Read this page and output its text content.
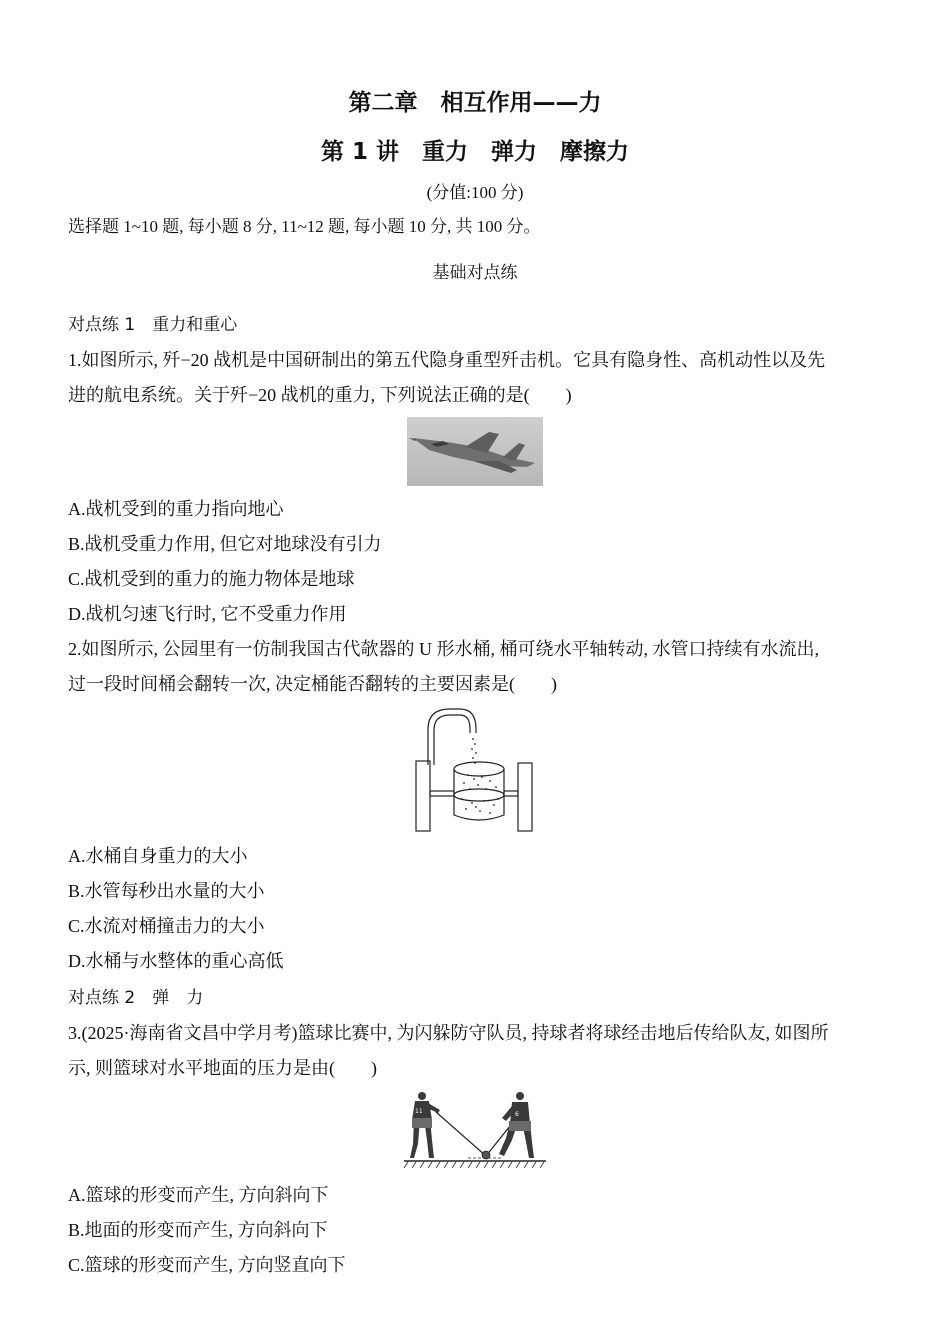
第二章　相互作用——力
第 1 讲　重力　弹力　摩擦力
(分值:100 分)
选择题 1~10 题, 每小题 8 分, 11~12 题, 每小题 10 分, 共 100 分。
基础对点练
对点练 1　重力和重心
1.如图所示, 歼−20 战机是中国研制出的第五代隐身重型歼击机。它具有隐身性、高机动性以及先
进的航电系统。关于歼−20 战机的重力, 下列说法正确的是(　　)
A.战机受到的重力指向地心
B.战机受重力作用, 但它对地球没有引力
C.战机受到的重力的施力物体是地球
D.战机匀速飞行时, 它不受重力作用
2.如图所示, 公园里有一仿制我国古代欹器的 U 形水桶, 桶可绕水平轴转动, 水管口持续有水流出,
过一段时间桶会翻转一次, 决定桶能否翻转的主要因素是(　　)
A.水桶自身重力的大小
B.水管每秒出水量的大小
C.水流对桶撞击力的大小
D.水桶与水整体的重心高低
对点练 2　弹　力
3.(2025·海南省文昌中学月考)篮球比赛中, 为闪躲防守队员, 持球者将球经击地后传给队友, 如图所
示, 则篮球对水平地面的压力是由(　　)
11	6
A.篮球的形变而产生, 方向斜向下
B.地面的形变而产生, 方向斜向下
C.篮球的形变而产生, 方向竖直向下
